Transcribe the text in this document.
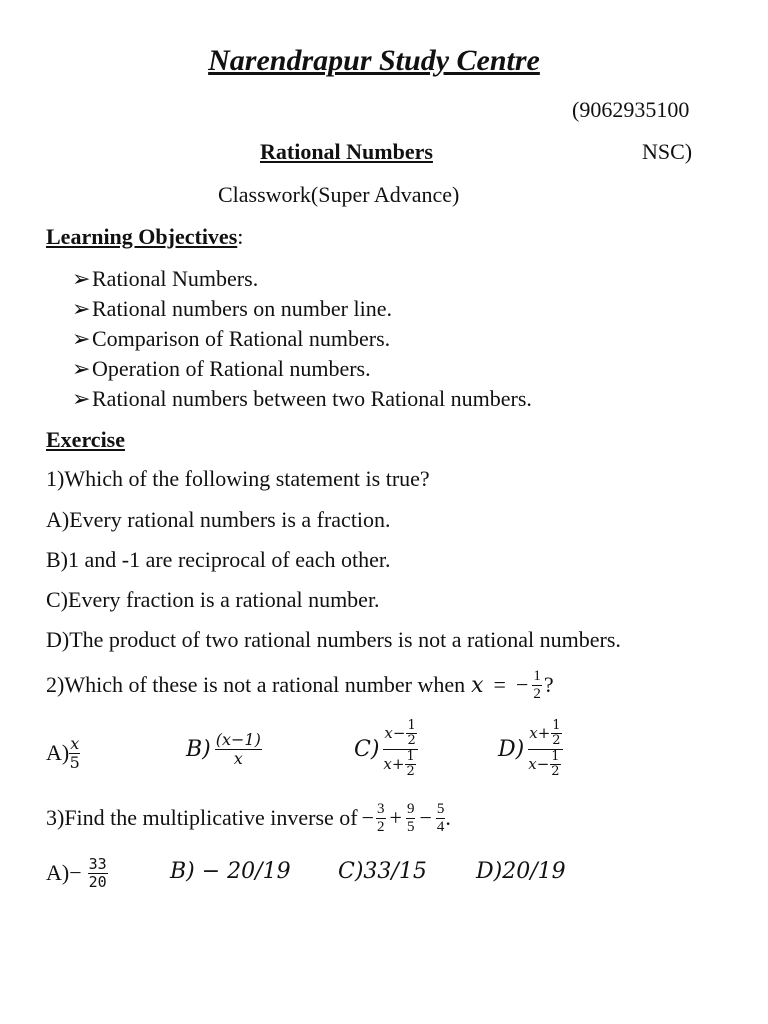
Narendrapur Study Centre
(9062935100
Rational Numbers	NSC)
Classwork(Super Advance)
Learning Objectives:
➢Rational Numbers.
➢Rational numbers on number line.
➢Comparison of Rational numbers.
➢Operation of Rational numbers.
➢Rational numbers between two Rational numbers.
Exercise
1)Which of the following statement is true?
A)Every rational numbers is a fraction.
B)1 and -1 are reciprocal of each other.
C)Every fraction is a rational number.
D)The product of two rational numbers is not a rational numbers.
2)Which of these is not a rational number when x = − $\frac{1}{2}$ ?
$A) \frac{x}{5}$	$B) \frac{(x-1)}{x}$	$C) \frac{x- \frac{1}{2}}{x+ \frac{1}{2}}$	$D) \frac{x+ \frac{1}{2}}{x- \frac{1}{2}}$
3)Find the multiplicative inverse of − $\frac{3}{2} + \frac{9}{5} - \frac{5}{4}$ .
$A)- \frac{33}{20}$	B) − 20/19 C)33/15 D)20/19
